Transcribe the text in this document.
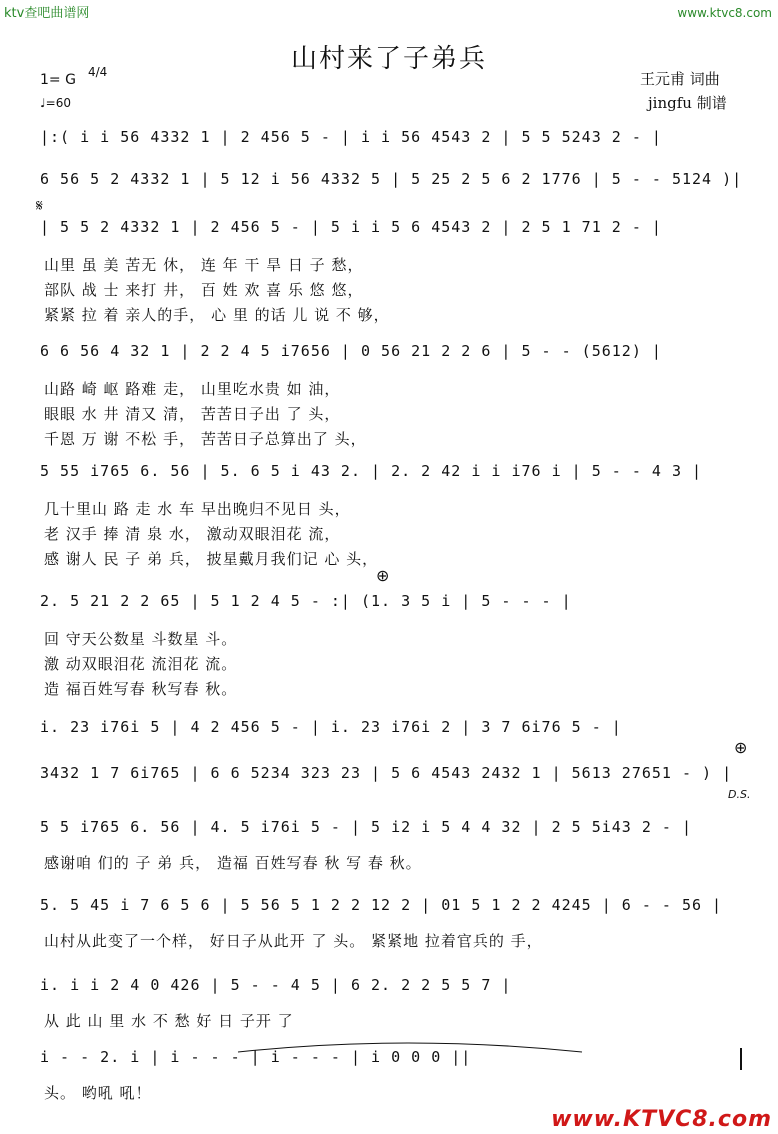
ktv查吧曲谱网	www.ktvc8.com
山村来了子弟兵
王元甫 词曲
jingfu 制谱
1= G 4/4
♩=60
|:( i i 56 4332 1 | 2 456 5 - | i i 56 4543 2 | 5 5 5243 2 - |
6 56 5 2 4332 1 | 5 12 i 56 4332 5 | 5 25 2 5 6 2 1776 | 5 - - 5124 )|
𝄋
| 5 5 2 4332 1 | 2 456 5 - | 5 i i 5 6 4543 2 | 2 5 1 71 2 - |
山里 虽 美 苦无 休， 连 年 干 旱 日 子 愁，
部队 战 士 来打 井， 百 姓 欢 喜 乐 悠 悠，
紧紧 拉 着 亲人的手， 心 里 的话 儿 说 不 够，
6 6 56 4 32 1 | 2 2 4 5 i7656 | 0 56 21 2 2 6 | 5 - - (5612) |
山路 崎 岖 路难 走， 山里吃水贵 如 油，
眼眼 水 井 清又 清， 苦苦日子出 了 头，
千恩 万 谢 不松 手， 苦苦日子总算出了 头，
5 55 i765 6. 56 | 5. 6 5 i 43 2. | 2. 2 42 i i i76 i | 5 - - 4 3 |
几十里山 路 走 水 车 早出晚归不见日 头，
老 汉手 捧 清 泉 水， 激动双眼泪花 流，
感 谢人 民 子 弟 兵， 披星戴月我们记 心 头，
⊕
2. 5 21 2 2 65 | 5 1 2 4 5 - :| (1. 3 5 i | 5 - - - |
回 守天公数星 斗数星 斗。
激 动双眼泪花 流泪花 流。
造 福百姓写春 秋写春 秋。
i. 23 i76i 5 | 4 2 456 5 - | i. 23 i76i 2 | 3 7 6i76 5 - |
⊕
3432 1 7 6i765 | 6 6 5234 323 23 | 5 6 4543 2432 1 | 5613 27651 - ) |
D.S.
5 5 i765 6. 56 | 4. 5 i76i 5 - | 5 i2 i 5 4 4 32 | 2 5 5i43 2 - |
感谢咱 们的 子 弟 兵， 造福 百姓写春 秋 写 春 秋。
5. 5 45 i 7 6 5 6 | 5 56 5 1 2 2 12 2 | 01 5 1 2 2 4245 | 6 - - 56 |
山村从此变了一个样， 好日子从此开 了 头。 紧紧地 拉着官兵的 手，
i. i i 2 4 0 426 | 5 - - 4 5 | 6 2. 2 2 5 5 7 |
从 此 山 里 水 不 愁 好 日 子开 了
i - - 2. i | i - - - | i - - - | i 0 0 0 ||
头。 哟吼 吼！
www.KTVC8.com
